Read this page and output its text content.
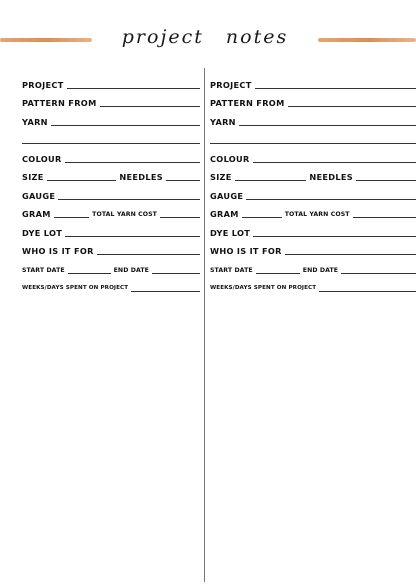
project notes
PROJECT
PATTERN FROM
YARN
COLOUR
SIZE	NEEDLES
GAUGE
GRAM	TOTAL YARN COST
DYE LOT
WHO IS IT FOR
START DATE	END DATE
WEEKS/DAYS SPENT ON PROJECT
PROJECT
PATTERN FROM
YARN
COLOUR
SIZE	NEEDLES
GAUGE
GRAM	TOTAL YARN COST
DYE LOT
WHO IS IT FOR
START DATE	END DATE
WEEKS/DAYS SPENT ON PROJECT
